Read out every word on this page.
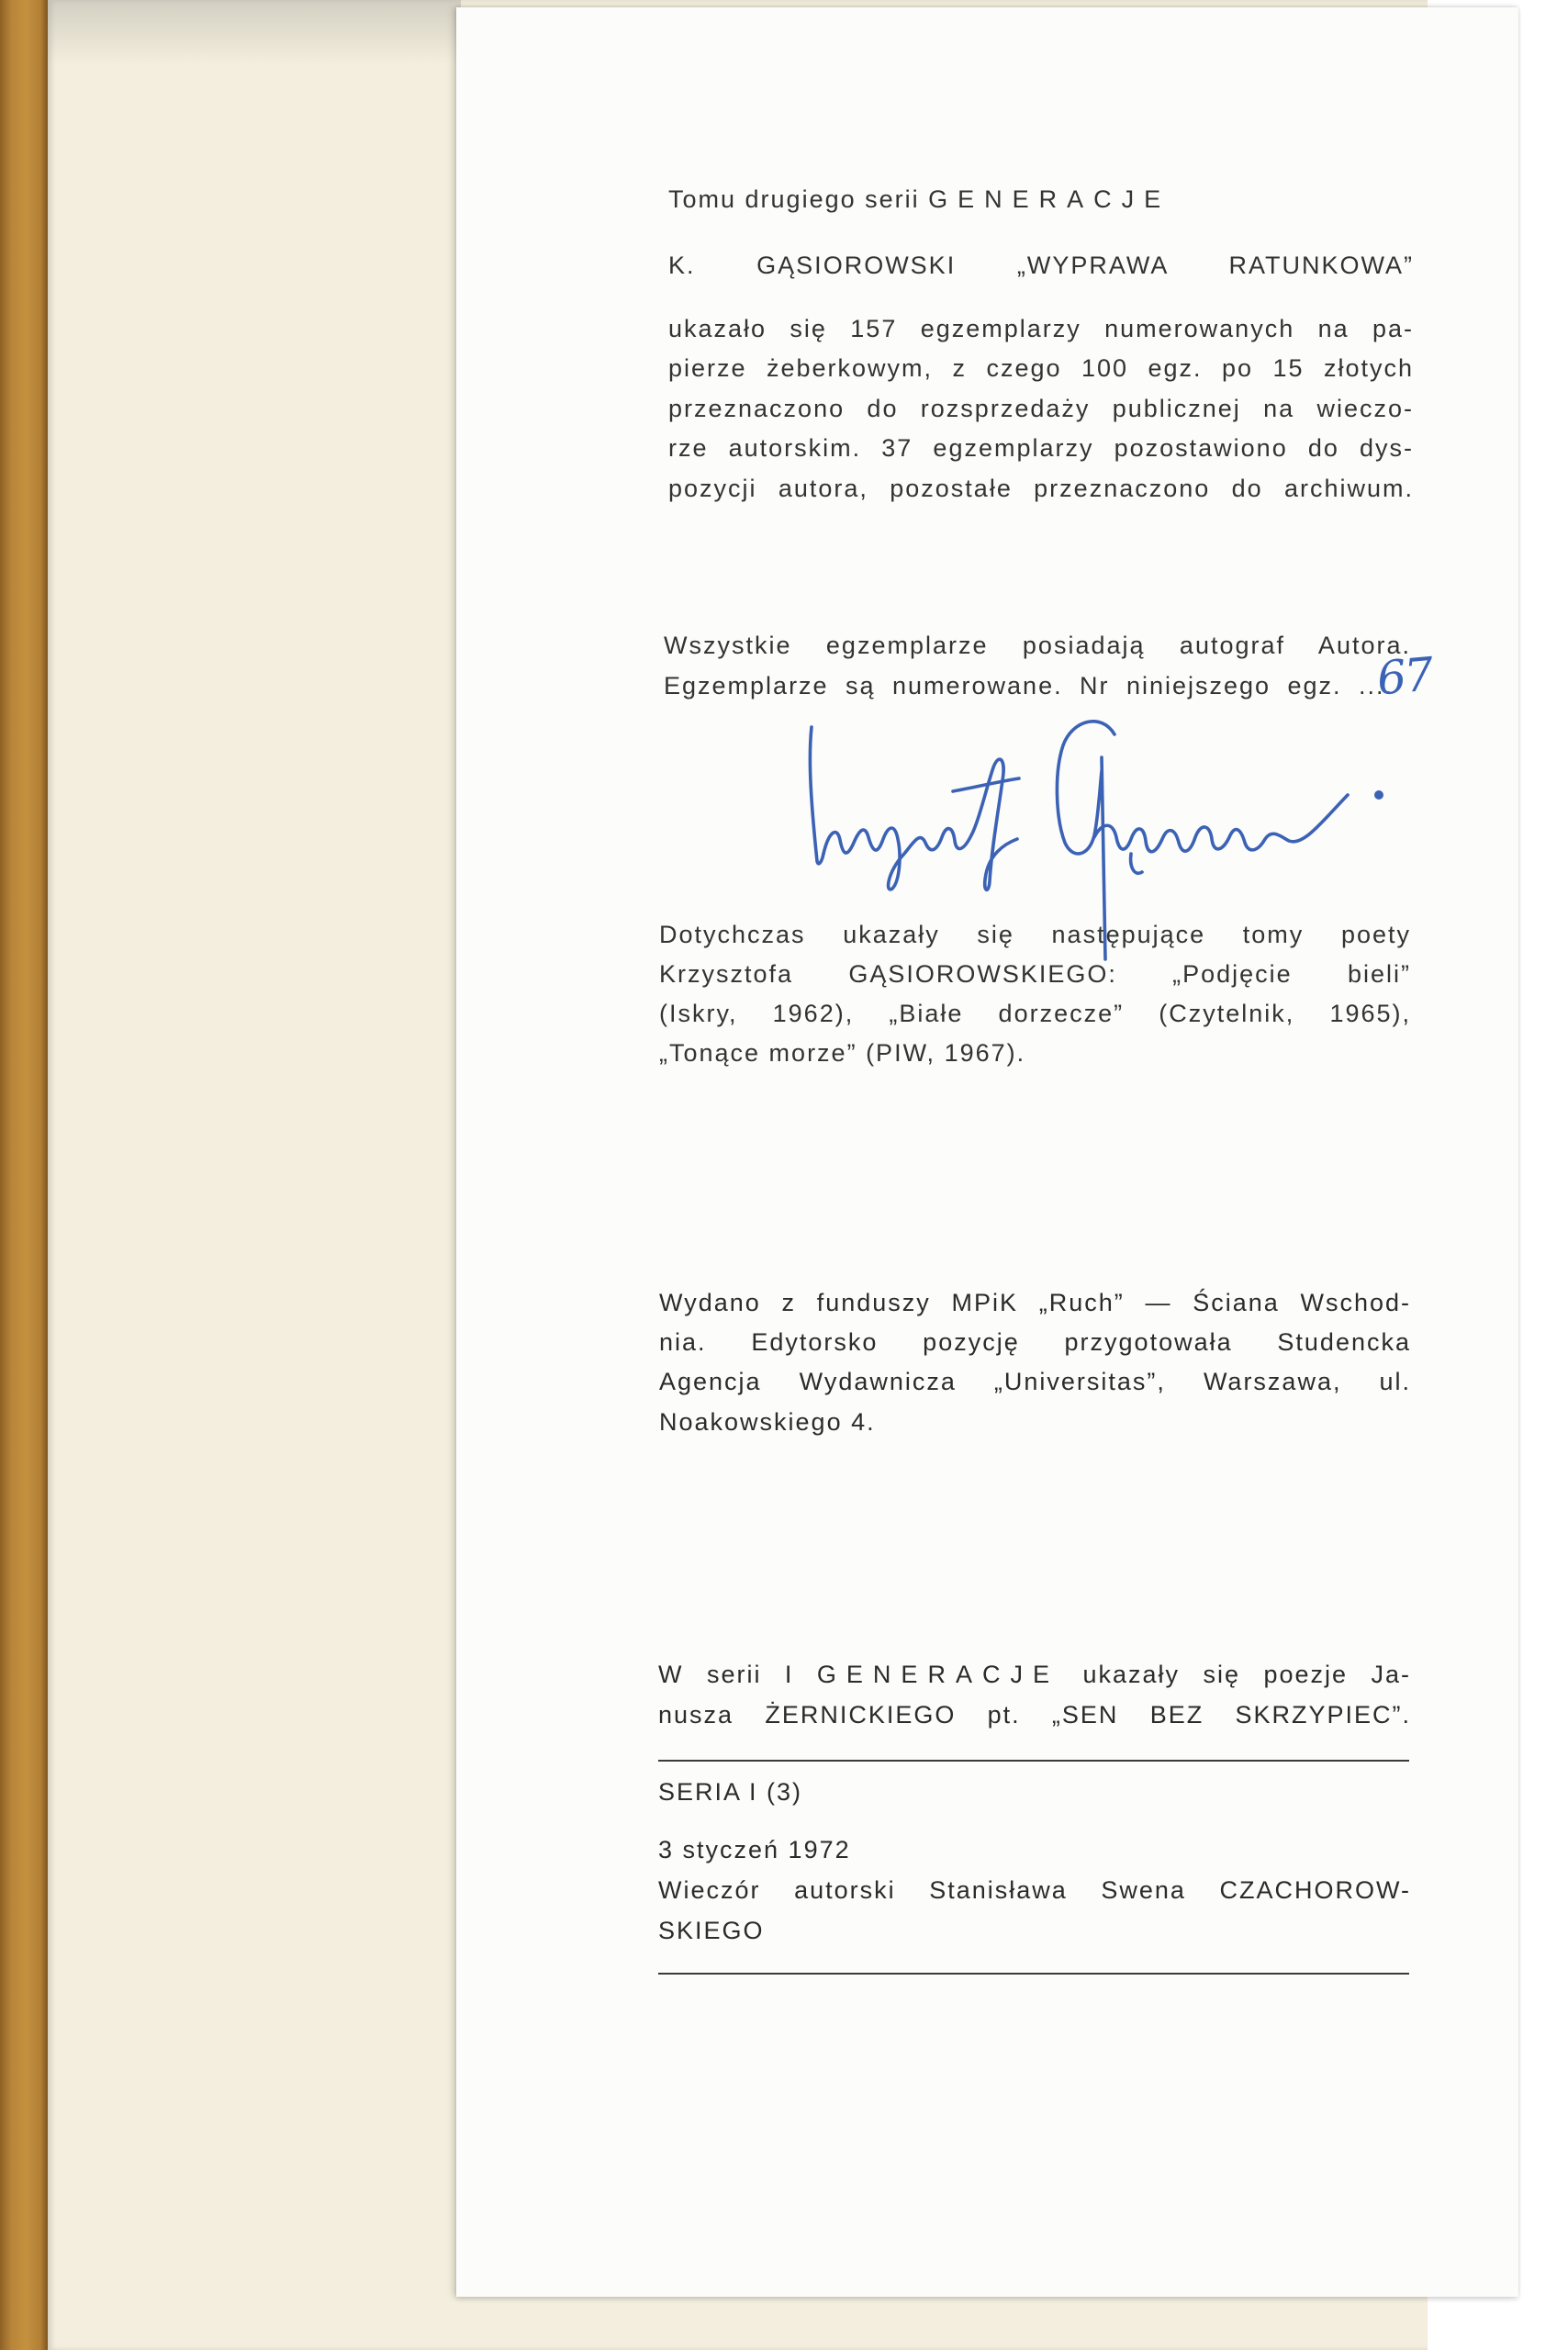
Tomu drugiego serii GENERACJE
K. GĄSIOROWSKI „WYPRAWA RATUNKOWA”
ukazało się 157 egzemplarzy numerowanych na pa-
pierze żeberkowym, z czego 100 egz. po 15 złotych
przeznaczono do rozsprzedaży publicznej na wieczo-
rze autorskim. 37 egzemplarzy pozostawiono do dys-
pozycji autora, pozostałe przeznaczono do archiwum.
Wszystkie egzemplarze posiadają autograf Autora.
Egzemplarze są numerowane. Nr niniejszego egz. ....
67
Dotychczas ukazały się następujące tomy poety
Krzysztofa GĄSIOROWSKIEGO: „Podjęcie bieli”
(Iskry, 1962), „Białe dorzecze” (Czytelnik, 1965),
„Tonące morze” (PIW, 1967).
Wydano z funduszy MPiK „Ruch” — Ściana Wschod-
nia. Edytorsko pozycję przygotowała Studencka
Agencja Wydawnicza „Universitas”, Warszawa, ul.
Noakowskiego 4.
W serii I GENERACJE ukazały się poezje Ja-
nusza ŻERNICKIEGO pt. „SEN BEZ SKRZYPIEC”.
SERIA I (3)
3 styczeń 1972
Wieczór autorski Stanisława Swena CZACHOROW-
SKIEGO
